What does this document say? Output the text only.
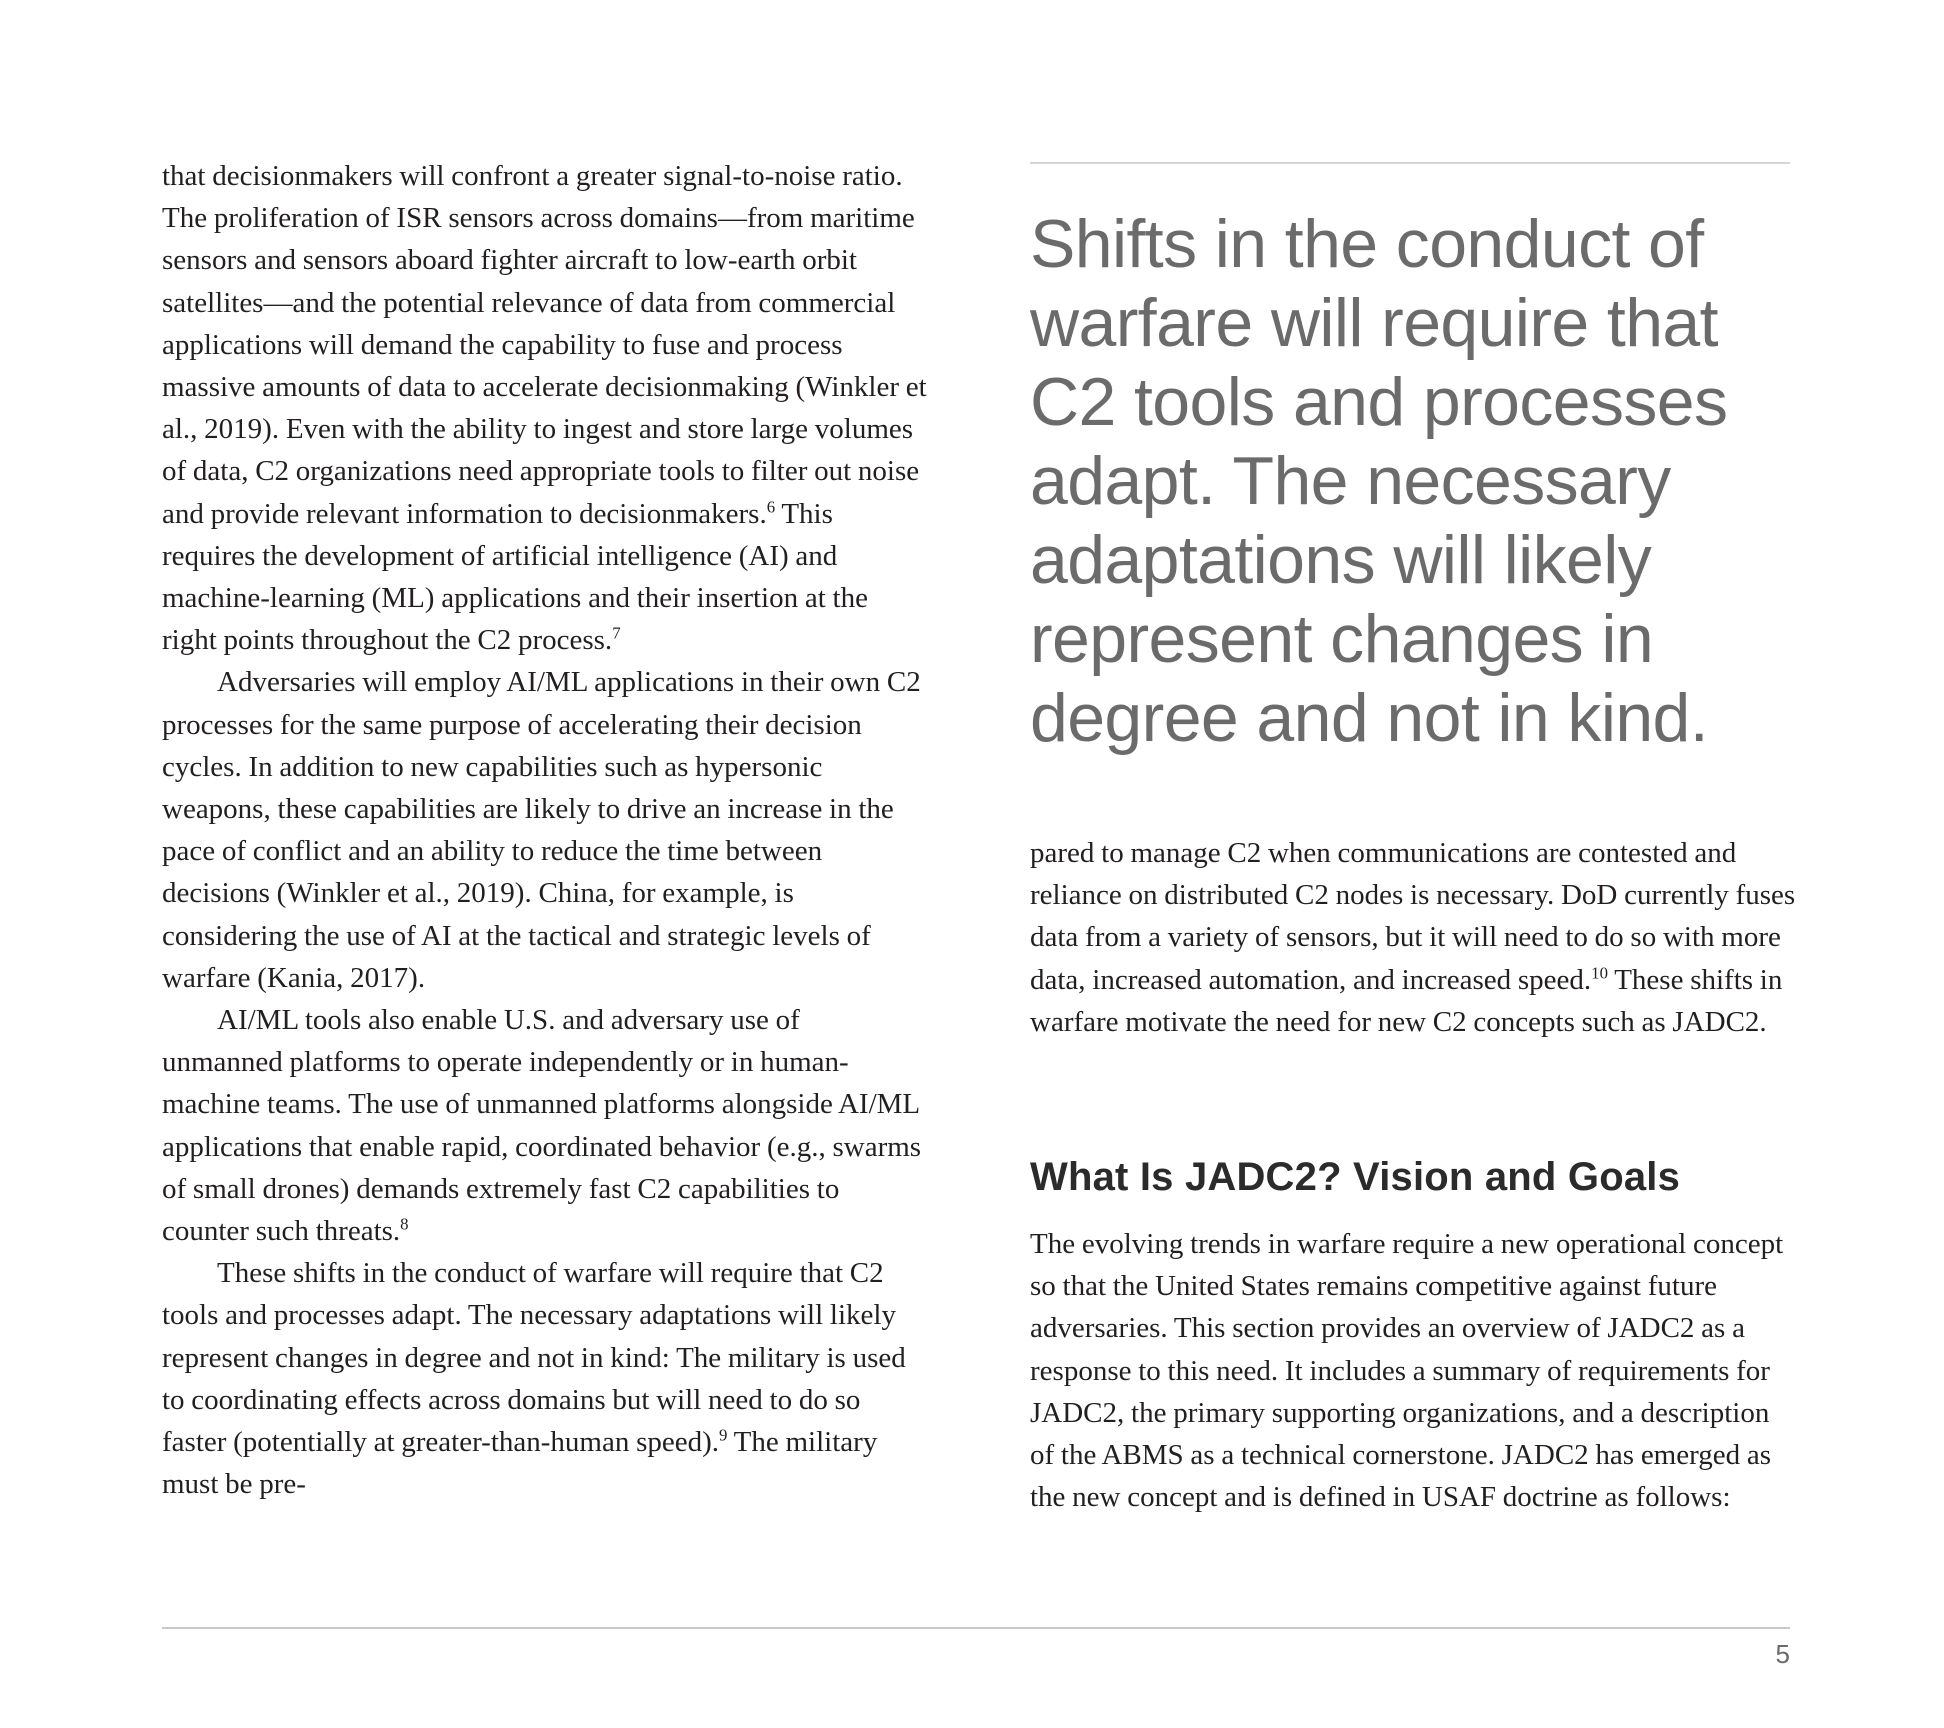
that decisionmakers will confront a greater signal-to-noise ratio. The proliferation of ISR sensors across domains—from maritime sensors and sensors aboard fighter aircraft to low-earth orbit satellites—and the potential relevance of data from commercial applications will demand the capability to fuse and process massive amounts of data to accelerate decisionmaking (Winkler et al., 2019). Even with the ability to ingest and store large volumes of data, C2 organizations need appropriate tools to filter out noise and provide relevant information to decisionmakers.$^6$ This requires the development of artificial intelligence (AI) and machine-learning (ML) applications and their insertion at the right points throughout the C2 process.$^7$

Adversaries will employ AI/ML applications in their own C2 processes for the same purpose of accelerating their decision cycles. In addition to new capabilities such as hypersonic weapons, these capabilities are likely to drive an increase in the pace of conflict and an ability to reduce the time between decisions (Winkler et al., 2019). China, for example, is considering the use of AI at the tactical and strategic levels of warfare (Kania, 2017).

AI/ML tools also enable U.S. and adversary use of unmanned platforms to operate independently or in human-machine teams. The use of unmanned platforms alongside AI/ML applications that enable rapid, coordinated behavior (e.g., swarms of small drones) demands extremely fast C2 capabilities to counter such threats.$^8$

These shifts in the conduct of warfare will require that C2 tools and processes adapt. The necessary adaptations will likely represent changes in degree and not in kind: The military is used to coordinating effects across domains but will need to do so faster (potentially at greater-than-human speed).$^9$ The military must be pre-

Shifts in the conduct of warfare will require that C2 tools and processes adapt. The necessary adaptations will likely represent changes in degree and not in kind.

pared to manage C2 when communications are contested and reliance on distributed C2 nodes is necessary. DoD currently fuses data from a variety of sensors, but it will need to do so with more data, increased automation, and increased speed.$^{10}$ These shifts in warfare motivate the need for new C2 concepts such as JADC2.

What Is JADC2? Vision and Goals

The evolving trends in warfare require a new operational concept so that the United States remains competitive against future adversaries. This section provides an overview of JADC2 as a response to this need. It includes a summary of requirements for JADC2, the primary supporting organizations, and a description of the ABMS as a technical cornerstone. JADC2 has emerged as the new concept and is defined in USAF doctrine as follows:

5
